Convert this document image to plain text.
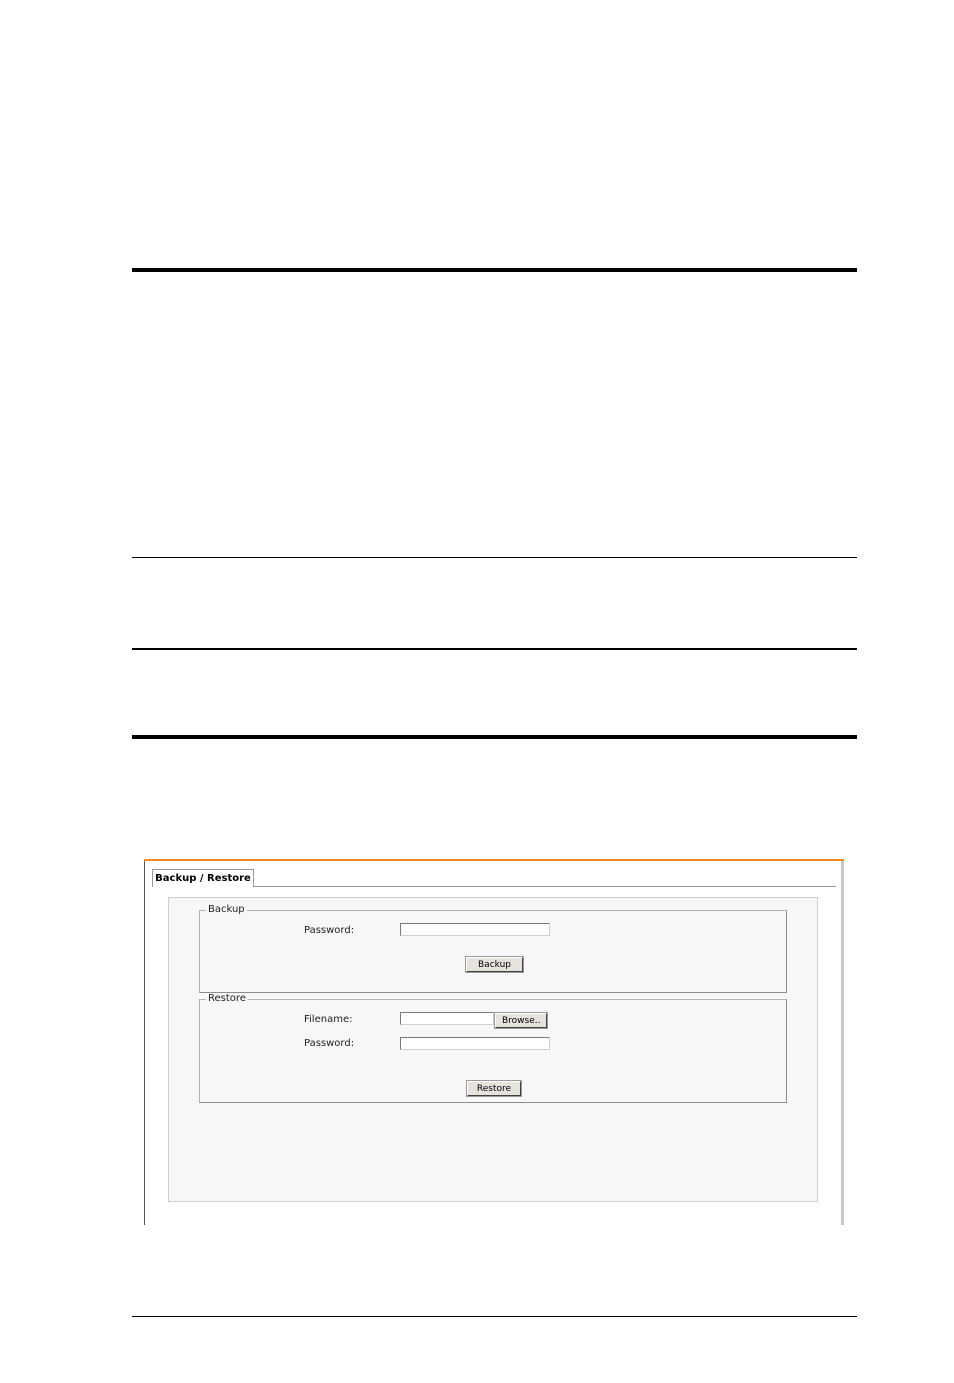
Backup / Restore
Backup
Password:
Backup
Restore
Filename:	Browse..
Password:
Restore
